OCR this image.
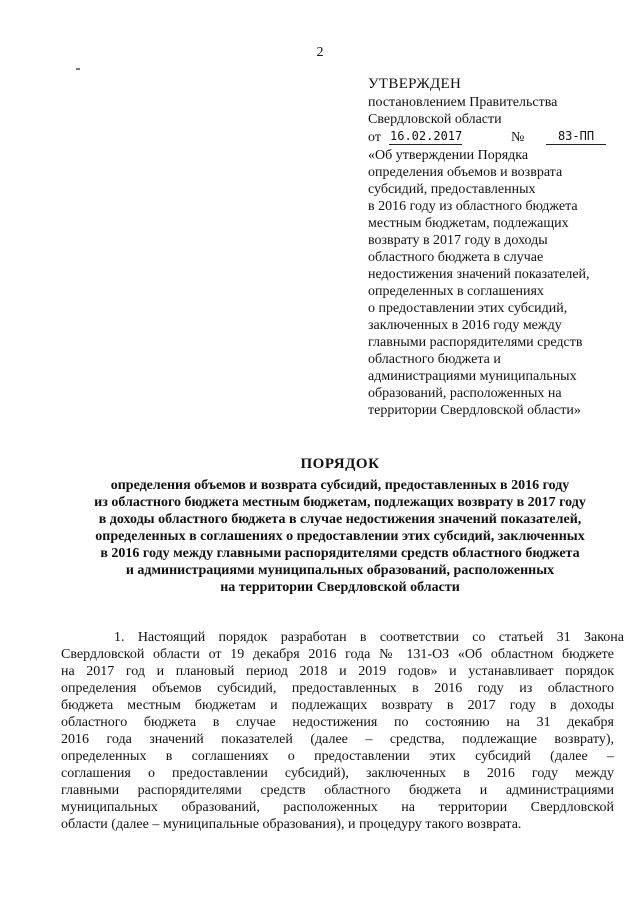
2
УТВЕРЖДЕН
постановлением Правительства
Свердловской области
от 16.02.2017	№	83-ПП
«Об утверждении Порядка
определения объемов и возврата
субсидий, предоставленных
в 2016 году из областного бюджета
местным бюджетам, подлежащих
возврату в 2017 году в доходы
областного бюджета в случае
недостижения значений показателей,
определенных в соглашениях
о предоставлении этих субсидий,
заключенных в 2016 году между
главными распорядителями средств
областного бюджета и
администрациями муниципальных
образований, расположенных на
территории Свердловской области»
ПОРЯДОК
определения объемов и возврата субсидий, предоставленных в 2016 году
из областного бюджета местным бюджетам, подлежащих возврату в 2017 году
в доходы областного бюджета в случае недостижения значений показателей,
определенных в соглашениях о предоставлении этих субсидий, заключенных
в 2016 году между главными распорядителями средств областного бюджета
и администрациями муниципальных образований, расположенных
на территории Свердловской области
1. Настоящий порядок разработан в соответствии со статьей 31 Закона
Свердловской области от 19 декабря 2016 года № 131-ОЗ «Об областном бюджете
на 2017 год и плановый период 2018 и 2019 годов» и устанавливает порядок
определения объемов субсидий, предоставленных в 2016 году из областного
бюджета местным бюджетам и подлежащих возврату в 2017 году в доходы
областного бюджета в случае недостижения по состоянию на 31 декабря
2016 года значений показателей (далее – средства, подлежащие возврату),
определенных в соглашениях о предоставлении этих субсидий (далее –
соглашения о предоставлении субсидий), заключенных в 2016 году между
главными распорядителями средств областного бюджета и администрациями
муниципальных образований, расположенных на территории Свердловской
области (далее – муниципальные образования), и процедуру такого возврата.
